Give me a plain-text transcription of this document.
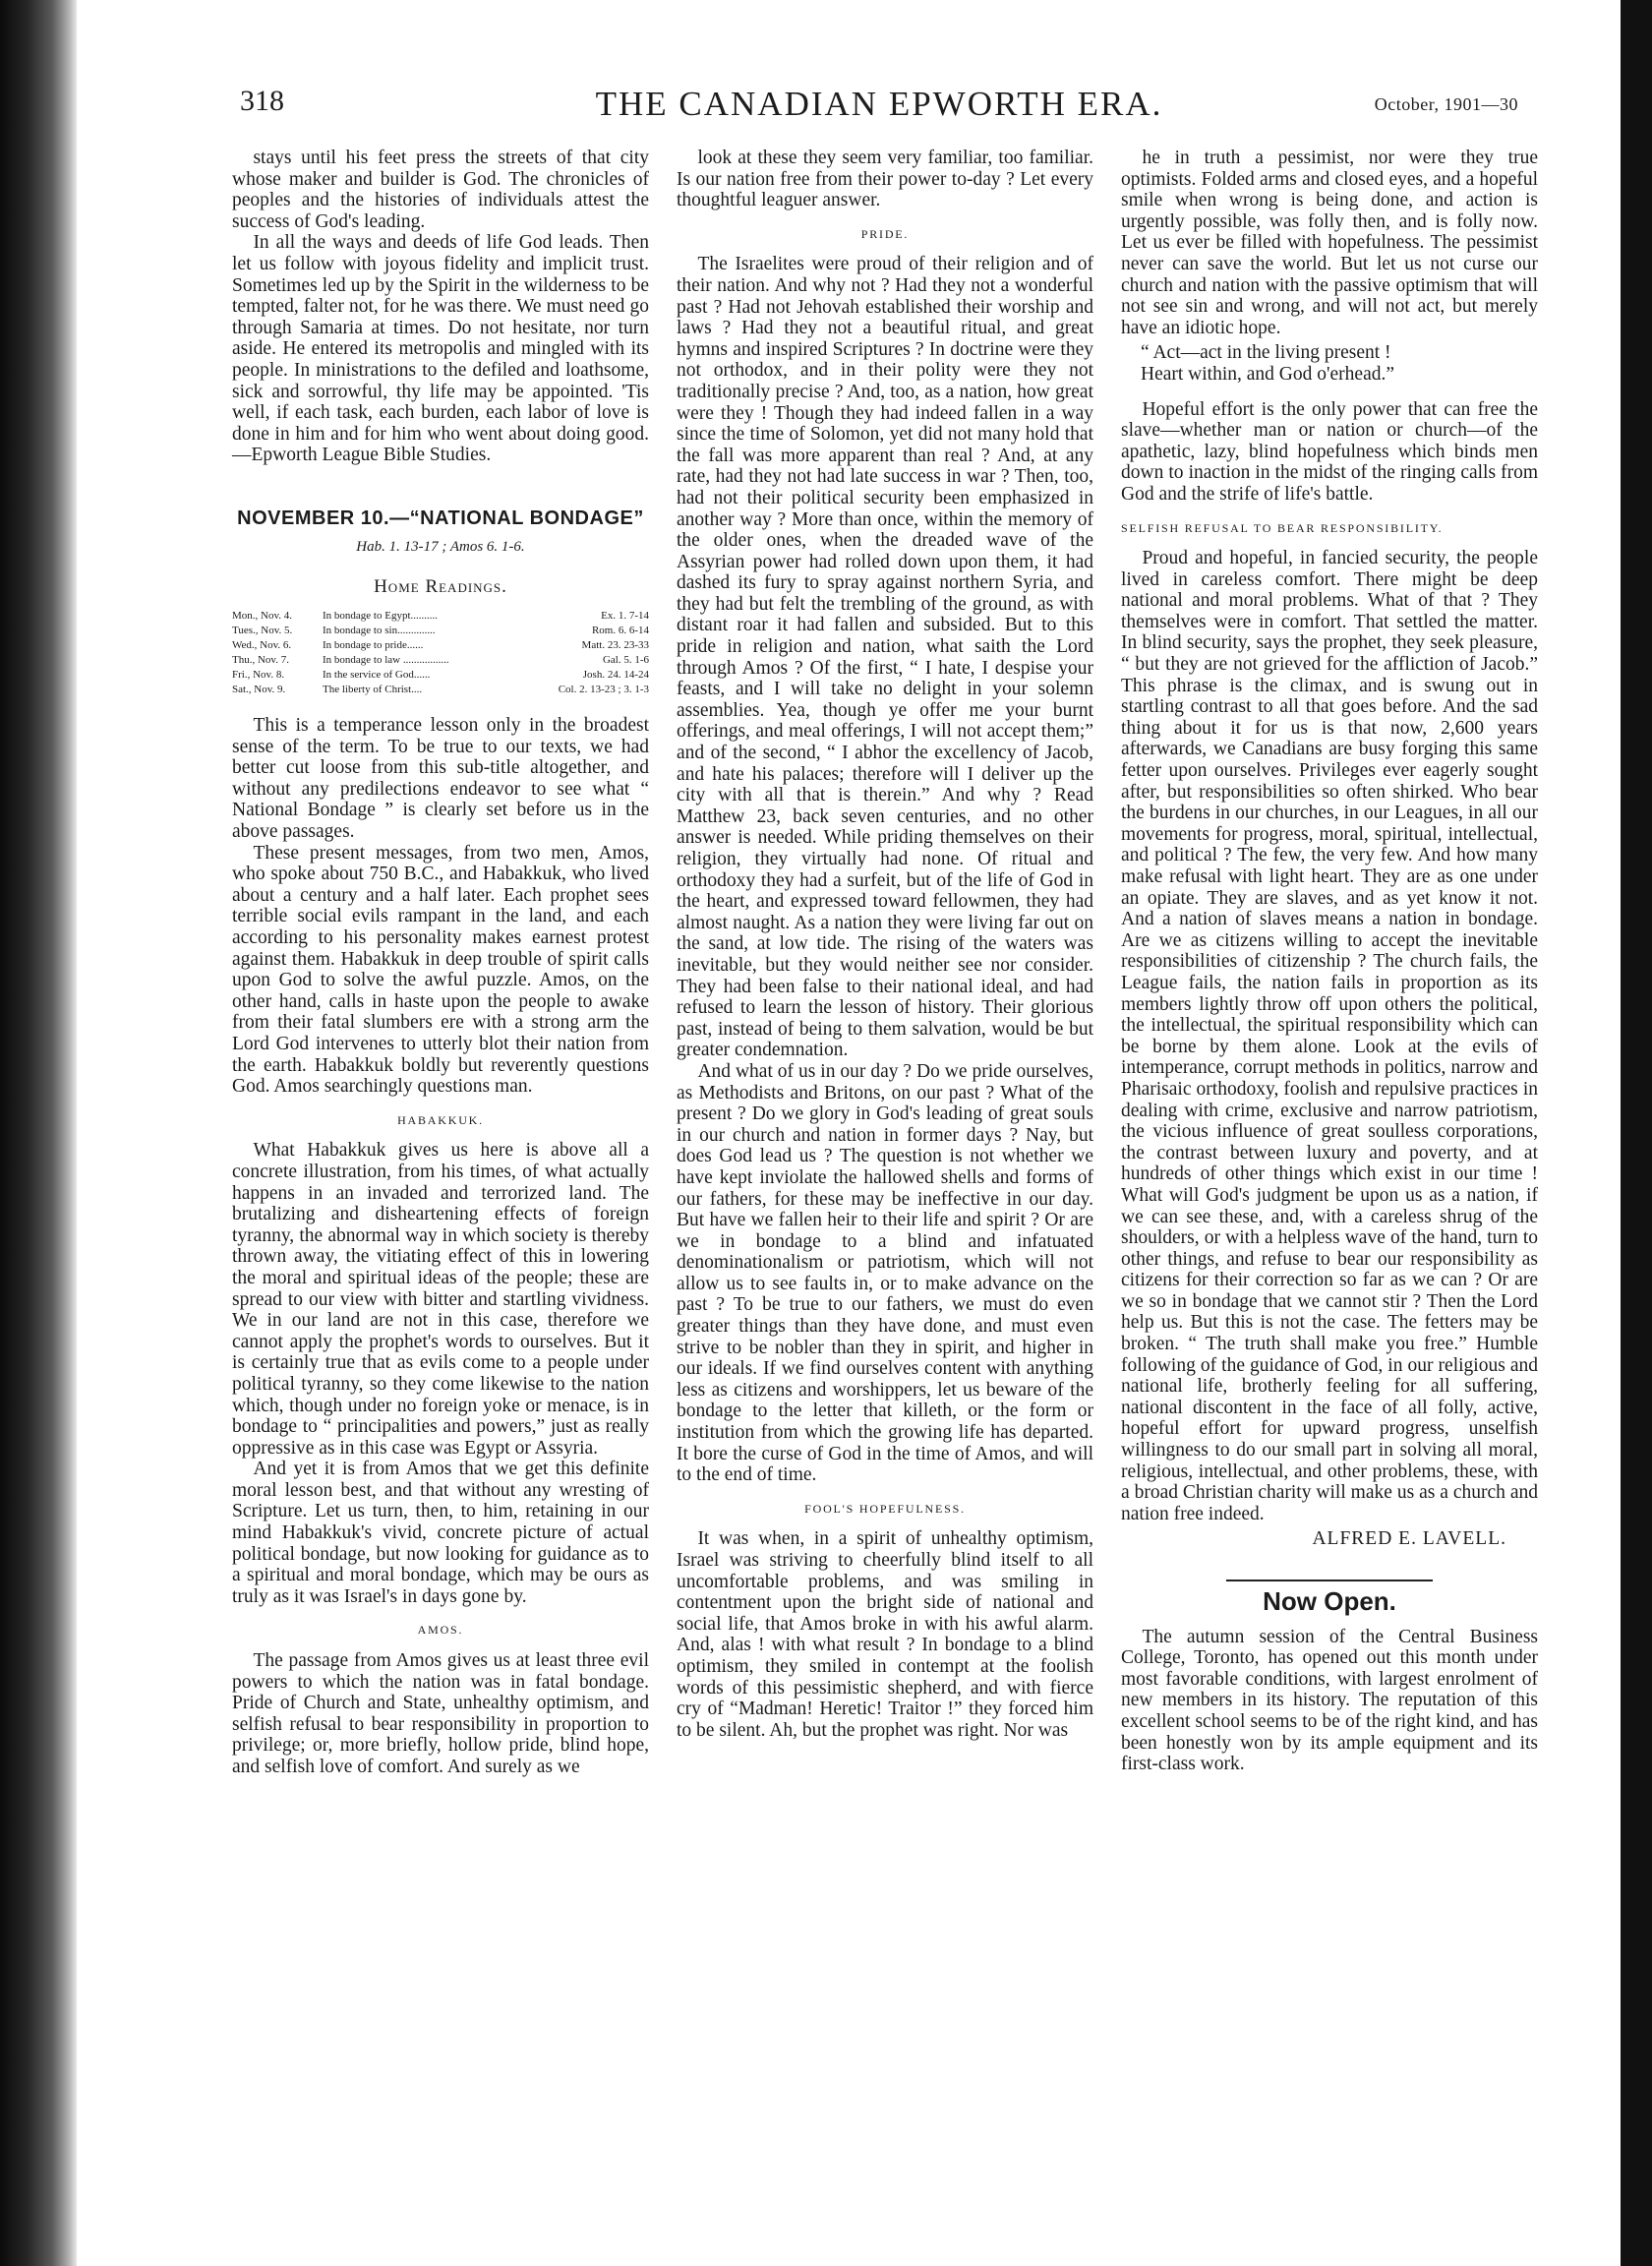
318	THE CANADIAN EPWORTH ERA.	October, 1901—30

stays until his feet press the streets of that city whose maker and builder is God. The chronicles of peoples and the histories of individuals attest the success of God's leading.

In all the ways and deeds of life God leads. Then let us follow with joyous fidelity and implicit trust. Sometimes led up by the Spirit in the wilderness to be tempted, falter not, for he was there. We must need go through Samaria at times. Do not hesitate, nor turn aside. He entered its metropolis and mingled with its people. In ministrations to the defiled and loathsome, sick and sorrowful, thy life may be appointed. 'Tis well, if each task, each burden, each labor of love is done in him and for him who went about doing good.—Epworth League Bible Studies.

NOVEMBER 10.—“NATIONAL BONDAGE”
Hab. 1. 13-17 ; Amos 6. 1-6.
Home Readings.
Mon., Nov. 4.	In bondage to Egypt..........	Ex. 1. 7-14
Tues., Nov. 5.	In bondage to sin..............	Rom. 6. 6-14
Wed., Nov. 6.	In bondage to pride......	Matt. 23. 23-33
Thu., Nov. 7.	In bondage to law .................	Gal. 5. 1-6
Fri., Nov. 8.	In the service of God......	Josh. 24. 14-24
Sat., Nov. 9.	The liberty of Christ....	Col. 2. 13-23 ; 3. 1-3

This is a temperance lesson only in the broadest sense of the term. To be true to our texts, we had better cut loose from this sub-title altogether, and without any predilections endeavor to see what “ National Bondage ” is clearly set before us in the above passages.

These present messages, from two men, Amos, who spoke about 750 B.C., and Habakkuk, who lived about a century and a half later. Each prophet sees terrible social evils rampant in the land, and each according to his personality makes earnest protest against them. Habakkuk in deep trouble of spirit calls upon God to solve the awful puzzle. Amos, on the other hand, calls in haste upon the people to awake from their fatal slumbers ere with a strong arm the Lord God intervenes to utterly blot their nation from the earth. Habakkuk boldly but reverently questions God. Amos searchingly questions man.

HABAKKUK.

What Habakkuk gives us here is above all a concrete illustration, from his times, of what actually happens in an invaded and terrorized land. The brutalizing and disheartening effects of foreign tyranny, the abnormal way in which society is thereby thrown away, the vitiating effect of this in lowering the moral and spiritual ideas of the people; these are spread to our view with bitter and startling vividness. We in our land are not in this case, therefore we cannot apply the prophet's words to ourselves. But it is certainly true that as evils come to a people under political tyranny, so they come likewise to the nation which, though under no foreign yoke or menace, is in bondage to “ principalities and powers,” just as really oppressive as in this case was Egypt or Assyria.

And yet it is from Amos that we get this definite moral lesson best, and that without any wresting of Scripture. Let us turn, then, to him, retaining in our mind Habakkuk's vivid, concrete picture of actual political bondage, but now looking for guidance as to a spiritual and moral bondage, which may be ours as truly as it was Israel's in days gone by.

AMOS.

The passage from Amos gives us at least three evil powers to which the nation was in fatal bondage. Pride of Church and State, unhealthy optimism, and selfish refusal to bear responsibility in proportion to privilege; or, more briefly, hollow pride, blind hope, and selfish love of comfort. And surely as we

look at these they seem very familiar, too familiar. Is our nation free from their power to-day ? Let every thoughtful leaguer answer.

PRIDE.

The Israelites were proud of their religion and of their nation. And why not ? Had they not a wonderful past ? Had not Jehovah established their worship and laws ? Had they not a beautiful ritual, and great hymns and inspired Scriptures ? In doctrine were they not orthodox, and in their polity were they not traditionally precise ? And, too, as a nation, how great were they ! Though they had indeed fallen in a way since the time of Solomon, yet did not many hold that the fall was more apparent than real ? And, at any rate, had they not had late success in war ? Then, too, had not their political security been emphasized in another way ? More than once, within the memory of the older ones, when the dreaded wave of the Assyrian power had rolled down upon them, it had dashed its fury to spray against northern Syria, and they had but felt the trembling of the ground, as with distant roar it had fallen and subsided. But to this pride in religion and nation, what saith the Lord through Amos ? Of the first, “ I hate, I despise your feasts, and I will take no delight in your solemn assemblies. Yea, though ye offer me your burnt offerings, and meal offerings, I will not accept them;” and of the second, “ I abhor the excellency of Jacob, and hate his palaces; therefore will I deliver up the city with all that is therein.” And why ? Read Matthew 23, back seven centuries, and no other answer is needed. While priding themselves on their religion, they virtually had none. Of ritual and orthodoxy they had a surfeit, but of the life of God in the heart, and expressed toward fellowmen, they had almost naught. As a nation they were living far out on the sand, at low tide. The rising of the waters was inevitable, but they would neither see nor consider. They had been false to their national ideal, and had refused to learn the lesson of history. Their glorious past, instead of being to them salvation, would be but greater condemnation.

And what of us in our day ? Do we pride ourselves, as Methodists and Britons, on our past ? What of the present ? Do we glory in God's leading of great souls in our church and nation in former days ? Nay, but does God lead us ? The question is not whether we have kept inviolate the hallowed shells and forms of our fathers, for these may be ineffective in our day. But have we fallen heir to their life and spirit ? Or are we in bondage to a blind and infatuated denominationalism or patriotism, which will not allow us to see faults in, or to make advance on the past ? To be true to our fathers, we must do even greater things than they have done, and must even strive to be nobler than they in spirit, and higher in our ideals. If we find ourselves content with anything less as citizens and worshippers, let us beware of the bondage to the letter that killeth, or the form or institution from which the growing life has departed. It bore the curse of God in the time of Amos, and will to the end of time.

FOOL'S HOPEFULNESS.

It was when, in a spirit of unhealthy optimism, Israel was striving to cheerfully blind itself to all uncomfortable problems, and was smiling in contentment upon the bright side of national and social life, that Amos broke in with his awful alarm. And, alas ! with what result ? In bondage to a blind optimism, they smiled in contempt at the foolish words of this pessimistic shepherd, and with fierce cry of “Madman! Heretic! Traitor !” they forced him to be silent. Ah, but the prophet was right. Nor was

he in truth a pessimist, nor were they true optimists. Folded arms and closed eyes, and a hopeful smile when wrong is being done, and action is urgently possible, was folly then, and is folly now. Let us ever be filled with hopefulness. The pessimist never can save the world. But let us not curse our church and nation with the passive optimism that will not see sin and wrong, and will not act, but merely have an idiotic hope.

“ Act—act in the living present !
Heart within, and God o'erhead.”

Hopeful effort is the only power that can free the slave—whether man or nation or church—of the apathetic, lazy, blind hopefulness which binds men down to inaction in the midst of the ringing calls from God and the strife of life's battle.

SELFISH REFUSAL TO BEAR RESPONSIBILITY.

Proud and hopeful, in fancied security, the people lived in careless comfort. There might be deep national and moral problems. What of that ? They themselves were in comfort. That settled the matter. In blind security, says the prophet, they seek pleasure, “ but they are not grieved for the affliction of Jacob.” This phrase is the climax, and is swung out in startling contrast to all that goes before. And the sad thing about it for us is that now, 2,600 years afterwards, we Canadians are busy forging this same fetter upon ourselves. Privileges ever eagerly sought after, but responsibilities so often shirked. Who bear the burdens in our churches, in our Leagues, in all our movements for progress, moral, spiritual, intellectual, and political ? The few, the very few. And how many make refusal with light heart. They are as one under an opiate. They are slaves, and as yet know it not. And a nation of slaves means a nation in bondage. Are we as citizens willing to accept the inevitable responsibilities of citizenship ? The church fails, the League fails, the nation fails in proportion as its members lightly throw off upon others the political, the intellectual, the spiritual responsibility which can be borne by them alone. Look at the evils of intemperance, corrupt methods in politics, narrow and Pharisaic orthodoxy, foolish and repulsive practices in dealing with crime, exclusive and narrow patriotism, the vicious influence of great soulless corporations, the contrast between luxury and poverty, and at hundreds of other things which exist in our time ! What will God's judgment be upon us as a nation, if we can see these, and, with a careless shrug of the shoulders, or with a helpless wave of the hand, turn to other things, and refuse to bear our responsibility as citizens for their correction so far as we can ? Or are we so in bondage that we cannot stir ? Then the Lord help us. But this is not the case. The fetters may be broken. “ The truth shall make you free.” Humble following of the guidance of God, in our religious and national life, brotherly feeling for all suffering, national discontent in the face of all folly, active, hopeful effort for upward progress, unselfish willingness to do our small part in solving all moral, religious, intellectual, and other problems, these, with a broad Christian charity will make us as a church and nation free indeed.

ALFRED E. LAVELL.
Now Open.

The autumn session of the Central Business College, Toronto, has opened out this month under most favorable conditions, with largest enrolment of new members in its history. The reputation of this excellent school seems to be of the right kind, and has been honestly won by its ample equipment and its first-class work.
